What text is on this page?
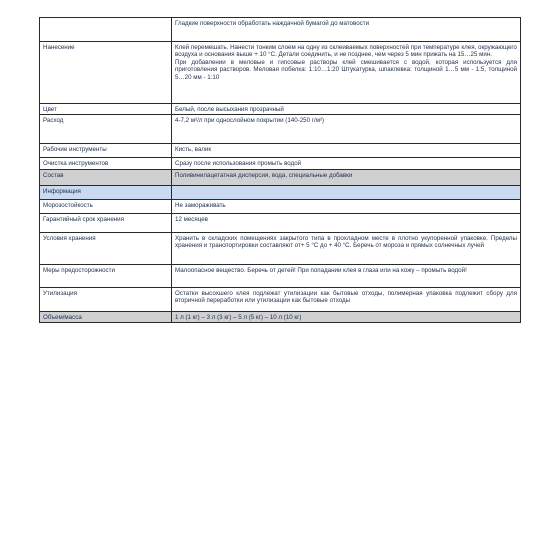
	Гладкие поверхности обработать наждачной бумагой до матовости

Нанесение	Клей перемешать. Нанести тонким слоем на одну из склеиваемых поверхностей при температуре клея, окружающего воздуха и основания выше + 10 °С. Детали соединить, и не позднее, чем через 5 мин прижать на 15…25 мин.
При добавлении в меловые и гипсовые растворы клей смешивается с водой, которая используется для приготовления растворов. Меловая побелка: 1:10…1:20 Штукатурка, шпаклевка: толщиной 1…5 мм - 1:5, толщиной 5…20 мм - 1:10

Цвет	Белый, после высыхания прозрачный

Расход	4-7,2 м²/л при однослойном покрытии (140-250 г/м²)

Рабочие инструменты	Кисть, валик

Очистка инструментов	Сразу после использования промыть водой

Состав	Поливинилацетатная дисперсия, вода, специальные добавки

Информация	

Морозостойкость	Не замораживать

Гарантийный срок хранения	12 месяцев

Условия хранения	Хранить в складских помещениях закрытого типа в прохладном месте в плотно укупоренной упаковке. Пределы хранения и транспортировки составляют от+ 5 °С до + 40 °С. Беречь от мороза и прямых солнечных лучей

Меры предосторожности	Малоопасное вещество. Беречь от детей! При попадании клея в глаза или на кожу – промыть водой!

Утилизация	Остатки высохшего клея подлежат утилизации как бытовые отходы, полимерная упаковка подлежит сбору для вторичной переработки или утилизации как бытовые отходы

Объем/масса	1 л (1 кг) – 3 л (3 кг) – 5 л (5 кг) – 10 л (10 кг)
